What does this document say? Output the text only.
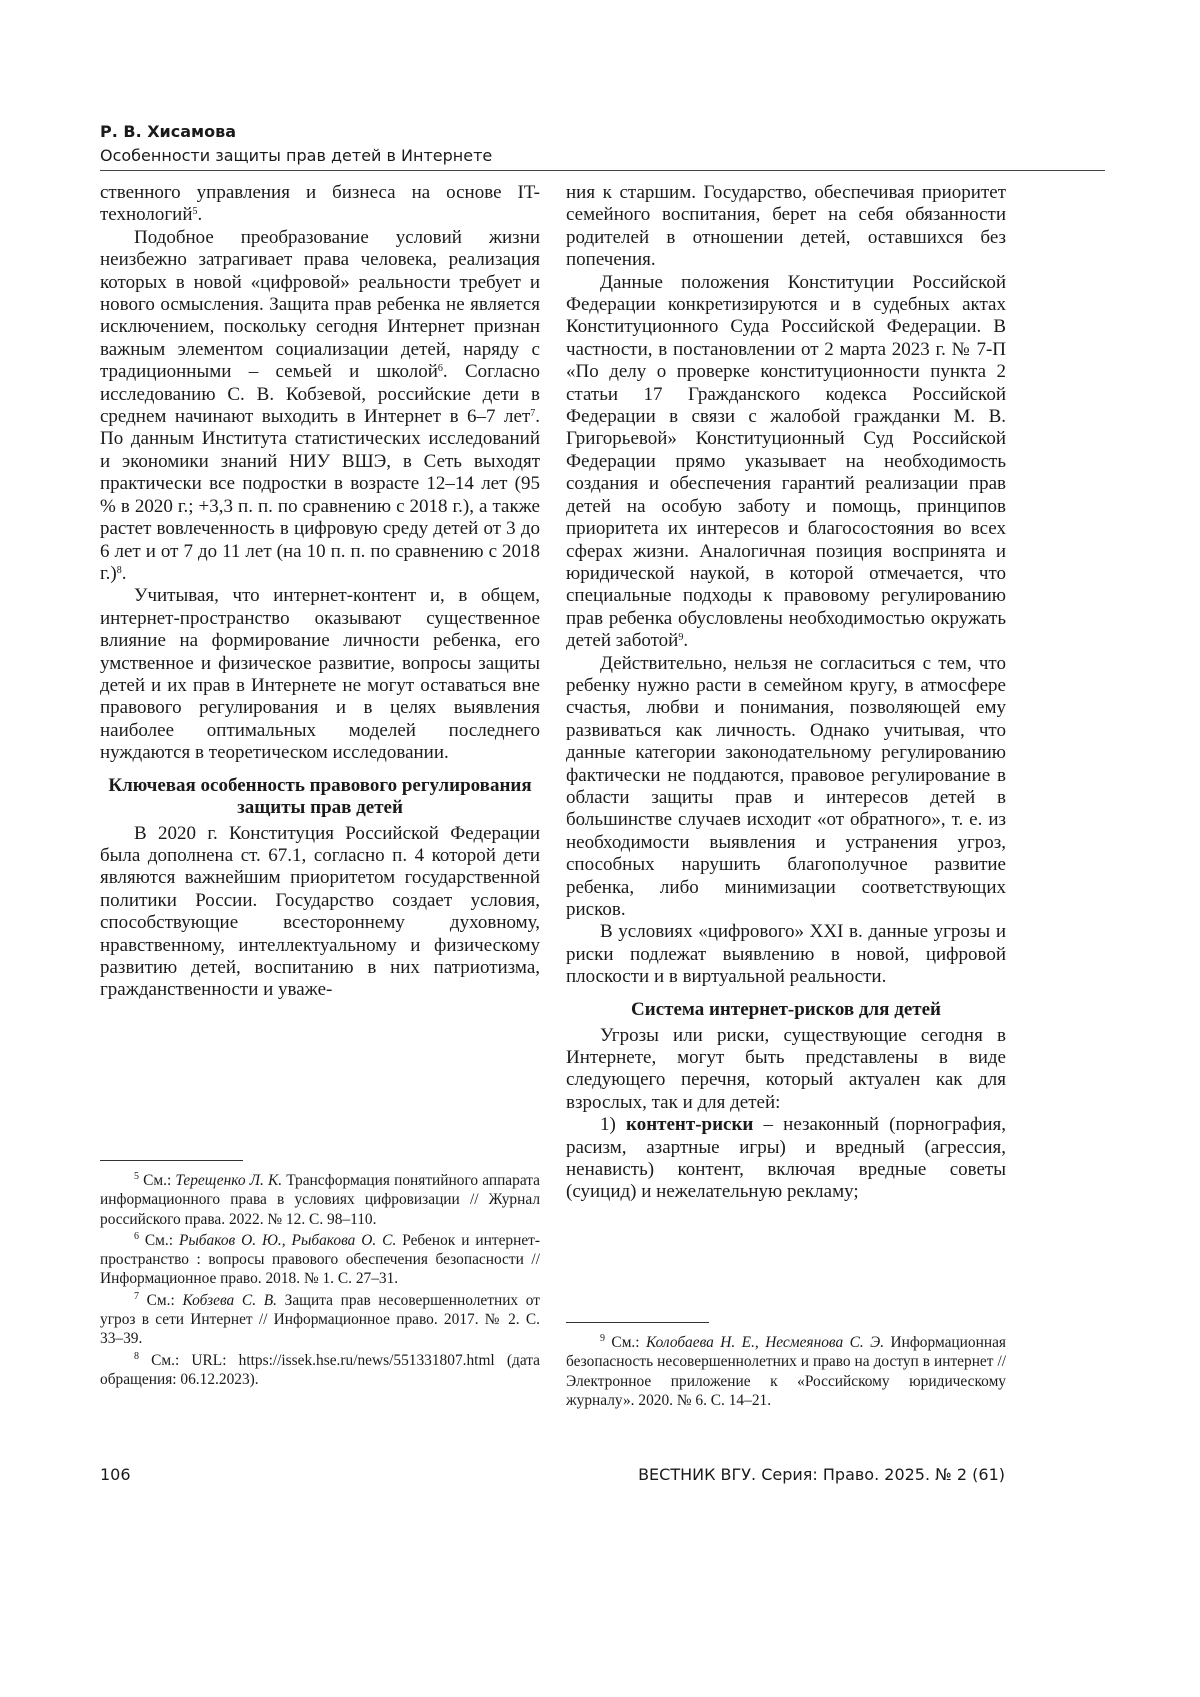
Р. В. Хисамова
Особенности защиты прав детей в Интернете

ственного управления и бизнеса на основе IT-технологий5.

Подобное преобразование условий жизни неизбежно затрагивает права человека, реализация которых в новой «цифровой» реальности требует и нового осмысления. Защита прав ребенка не является исключением, поскольку сегодня Интернет признан важным элементом социализации детей, наряду с традиционными – семьей и школой6. Согласно исследованию С. В. Кобзевой, российские дети в среднем начинают выходить в Интернет в 6–7 лет7. По данным Института статистических исследований и экономики знаний НИУ ВШЭ, в Сеть выходят практически все подростки в возрасте 12–14 лет (95 % в 2020 г.; +3,3 п. п. по сравнению с 2018 г.), а также растет вовлеченность в цифровую среду детей от 3 до 6 лет и от 7 до 11 лет (на 10 п. п. по сравнению с 2018 г.)8.

Учитывая, что интернет-контент и, в общем, интернет-пространство оказывают существенное влияние на формирование личности ребенка, его умственное и физическое развитие, вопросы защиты детей и их прав в Интернете не могут оставаться вне правового регулирования и в целях выявления наиболее оптимальных моделей последнего нуждаются в теоретическом исследовании.

Ключевая особенность правового регулирования защиты прав детей

В 2020 г. Конституция Российской Федерации была дополнена ст. 67.1, согласно п. 4 которой дети являются важнейшим приоритетом государственной политики России. Государство создает условия, способствующие всестороннему духовному, нравственному, интеллектуальному и физическому развитию детей, воспитанию в них патриотизма, гражданственности и уваже-

ния к старшим. Государство, обеспечивая приоритет семейного воспитания, берет на себя обязанности родителей в отношении детей, оставшихся без попечения.

Данные положения Конституции Российской Федерации конкретизируются и в судебных актах Конституционного Суда Российской Федерации. В частности, в постановлении от 2 марта 2023 г. № 7-П «По делу о проверке конституционности пункта 2 статьи 17 Гражданского кодекса Российской Федерации в связи с жалобой гражданки М. В. Григорьевой» Конституционный Суд Российской Федерации прямо указывает на необходимость создания и обеспечения гарантий реализации прав детей на особую заботу и помощь, принципов приоритета их интересов и благосостояния во всех сферах жизни. Аналогичная позиция воспринята и юридической наукой, в которой отмечается, что специальные подходы к правовому регулированию прав ребенка обусловлены необходимостью окружать детей заботой9.

Действительно, нельзя не согласиться с тем, что ребенку нужно расти в семейном кругу, в атмосфере счастья, любви и понимания, позволяющей ему развиваться как личность. Однако учитывая, что данные категории законодательному регулированию фактически не поддаются, правовое регулирование в области защиты прав и интересов детей в большинстве случаев исходит «от обратного», т. е. из необходимости выявления и устранения угроз, способных нарушить благополучное развитие ребенка, либо минимизации соответствующих рисков.

В условиях «цифрового» XXI в. данные угрозы и риски подлежат выявлению в новой, цифровой плоскости и в виртуальной реальности.

Система интернет-рисков для детей

Угрозы или риски, существующие сегодня в Интернете, могут быть представлены в виде следующего перечня, который актуален как для взрослых, так и для детей:

1) контент-риски – незаконный (порнография, расизм, азартные игры) и вредный (агрессия, ненависть) контент, включая вредные советы (суицид) и нежелательную рекламу;

5 См.: Терещенко Л. К. Трансформация понятийного аппарата информационного права в условиях цифровизации // Журнал российского права. 2022. № 12. С. 98–110.

6 См.: Рыбаков О. Ю., Рыбакова О. С. Ребенок и интернет-пространство : вопросы правового обеспечения безопасности // Информационное право. 2018. № 1. С. 27–31.

7 См.: Кобзева С. В. Защита прав несовершеннолетних от угроз в сети Интернет // Информационное право. 2017. № 2. С. 33–39.

8 См.: URL: https://issek.hse.ru/news/551331807.html (дата обращения: 06.12.2023).

9 См.: Колобаева Н. Е., Несмеянова С. Э. Информационная безопасность несовершеннолетних и право на доступ в интернет // Электронное приложение к «Российскому юридическому журналу». 2020. № 6. С. 14–21.

106	ВЕСТНИК ВГУ. Серия: Право. 2025. № 2 (61)
